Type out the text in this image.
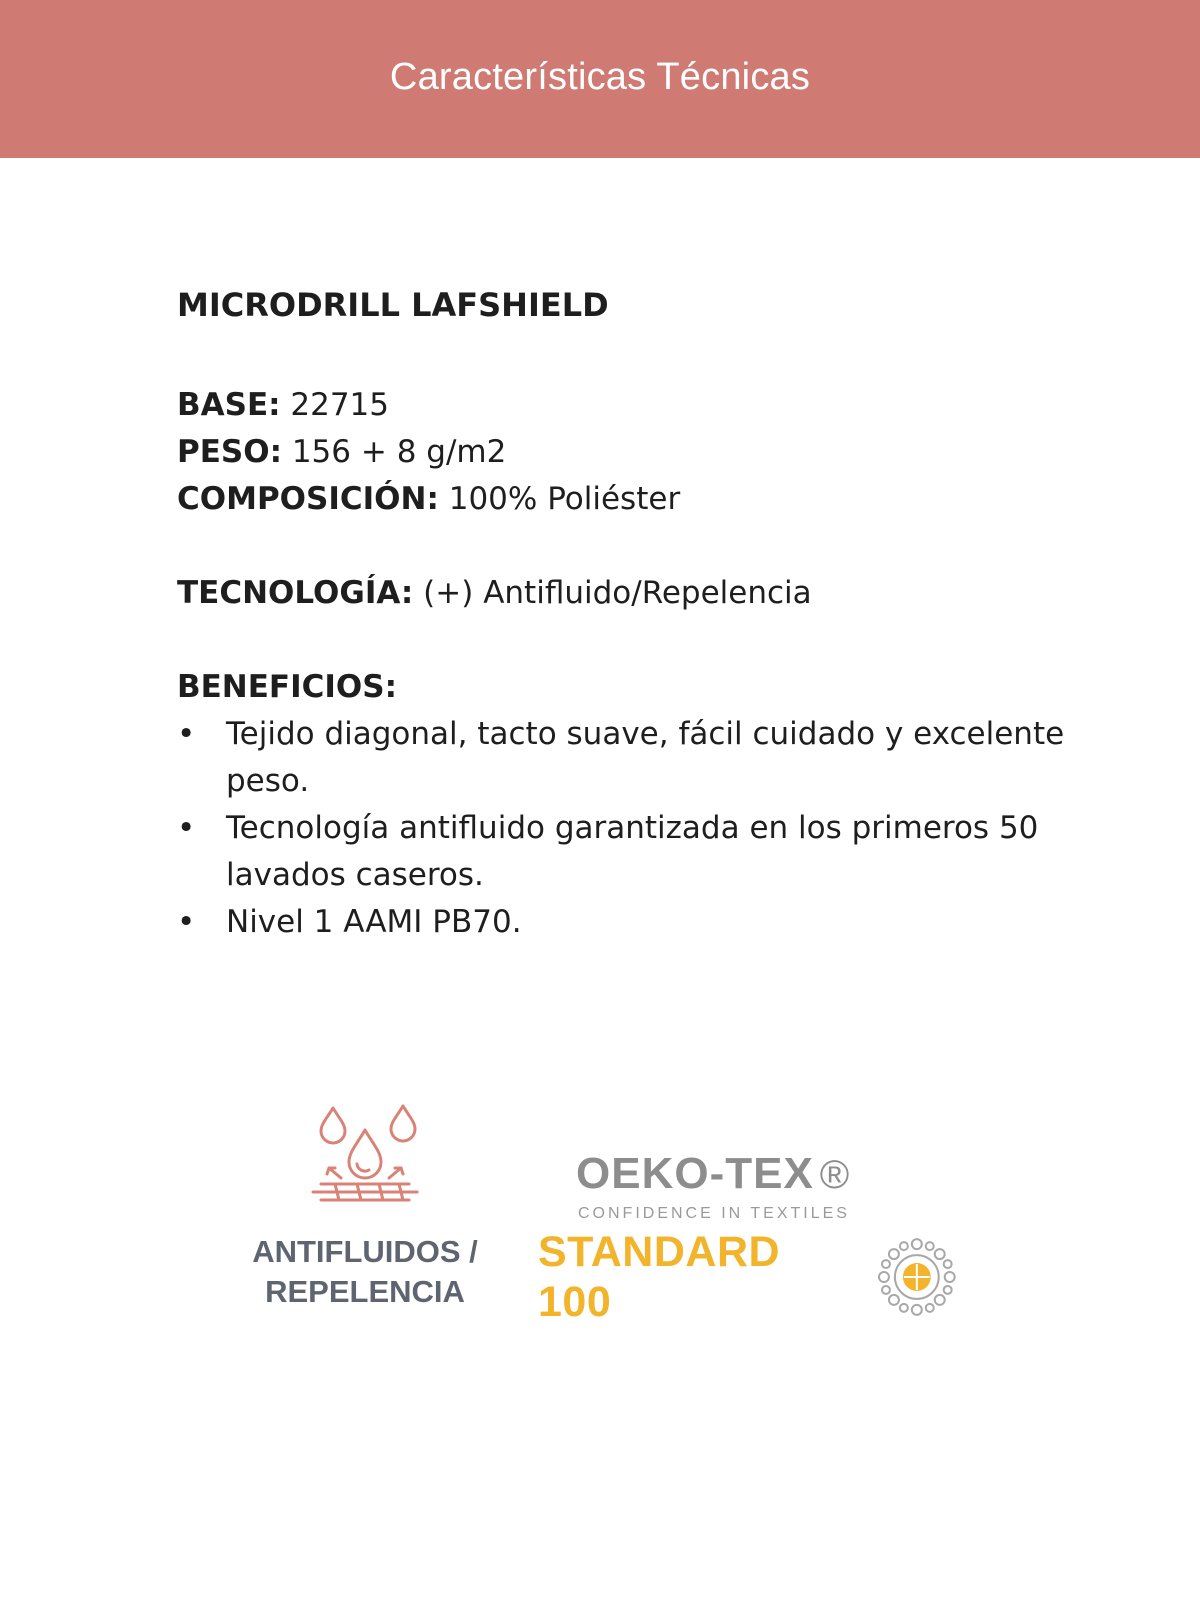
Características Técnicas
MICRODRILL LAFSHIELD

BASE: 22715

PESO: 156 + 8 g/m2

COMPOSICIÓN: 100% Poliéster

TECNOLOGÍA: (+) Antifluido/Repelencia

BENEFICIOS:

• Tejido diagonal, tacto suave, fácil cuidado y excelente peso.
• Tecnología antifluido garantizada en los primeros 50 lavados caseros.
• Nivel 1 AAMI PB70.
ANTIFLUIDOS /
REPELENCIA
OEKO-TEX ®
CONFIDENCE IN TEXTILES
STANDARD 100
